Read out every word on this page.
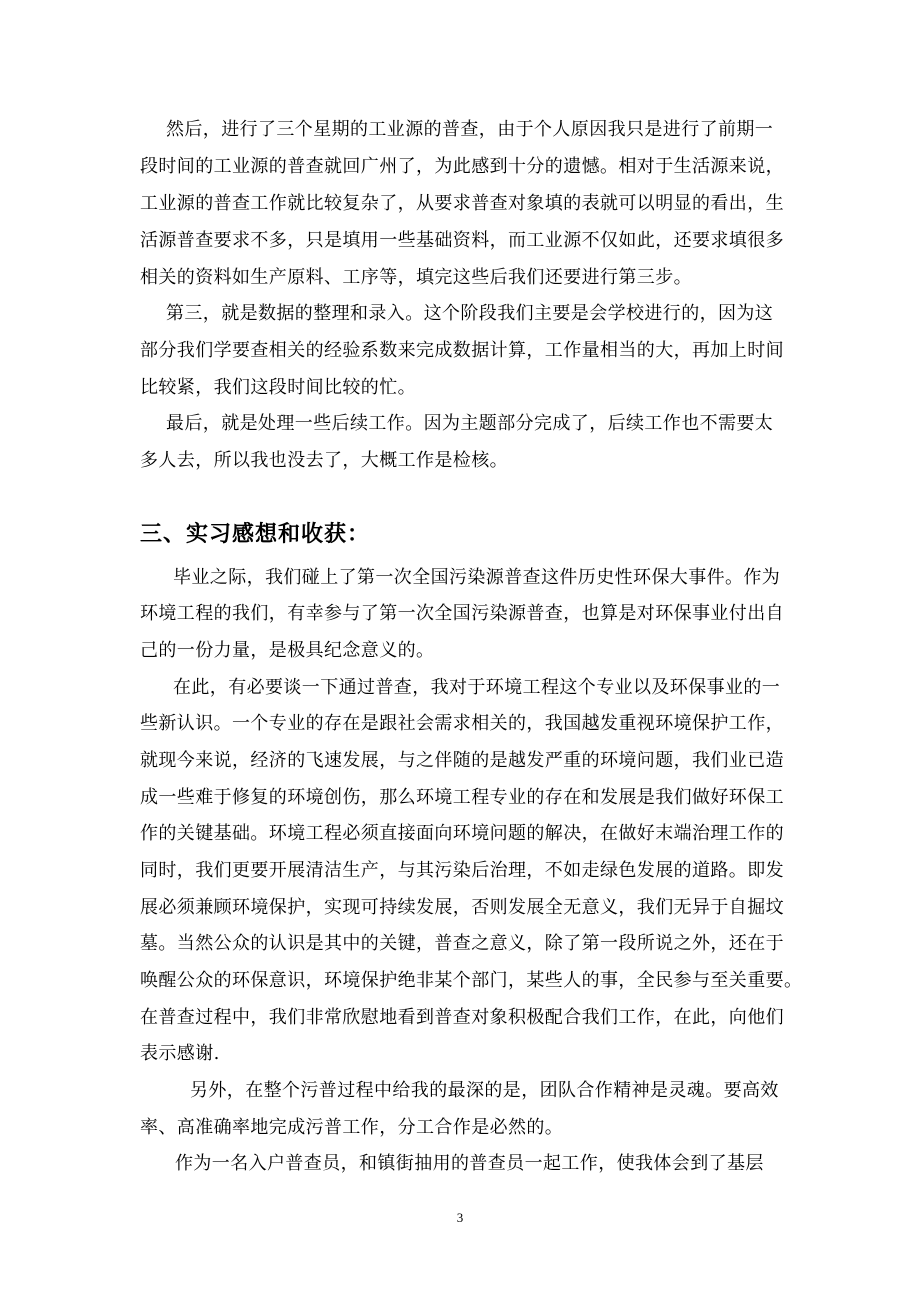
然后，进行了三个星期的工业源的普查，由于个人原因我只是进行了前期一
段时间的工业源的普查就回广州了，为此感到十分的遗憾。相对于生活源来说，
工业源的普查工作就比较复杂了，从要求普查对象填的表就可以明显的看出，生
活源普查要求不多，只是填用一些基础资料，而工业源不仅如此，还要求填很多
相关的资料如生产原料、工序等，填完这些后我们还要进行第三步。
第三，就是数据的整理和录入。这个阶段我们主要是会学校进行的，因为这
部分我们学要查相关的经验系数来完成数据计算，工作量相当的大，再加上时间
比较紧，我们这段时间比较的忙。
最后，就是处理一些后续工作。因为主题部分完成了，后续工作也不需要太
多人去，所以我也没去了，大概工作是检核。
三、实习感想和收获：
毕业之际，我们碰上了第一次全国污染源普查这件历史性环保大事件。作为
环境工程的我们，有幸参与了第一次全国污染源普查，也算是对环保事业付出自
己的一份力量，是极具纪念意义的。
在此，有必要谈一下通过普查，我对于环境工程这个专业以及环保事业的一
些新认识。一个专业的存在是跟社会需求相关的，我国越发重视环境保护工作，
就现今来说，经济的飞速发展，与之伴随的是越发严重的环境问题，我们业已造
成一些难于修复的环境创伤，那么环境工程专业的存在和发展是我们做好环保工
作的关键基础。环境工程必须直接面向环境问题的解决，在做好末端治理工作的
同时，我们更要开展清洁生产，与其污染后治理，不如走绿色发展的道路。即发
展必须兼顾环境保护，实现可持续发展，否则发展全无意义，我们无异于自掘坟
墓。当然公众的认识是其中的关键，普查之意义，除了第一段所说之外，还在于
唤醒公众的环保意识，环境保护绝非某个部门，某些人的事，全民参与至关重要。
在普查过程中，我们非常欣慰地看到普查对象积极配合我们工作，在此，向他们
表示感谢.
另外，在整个污普过程中给我的最深的是，团队合作精神是灵魂。要高效
率、高准确率地完成污普工作，分工合作是必然的。
作为一名入户普查员，和镇街抽用的普查员一起工作，使我体会到了基层
3
